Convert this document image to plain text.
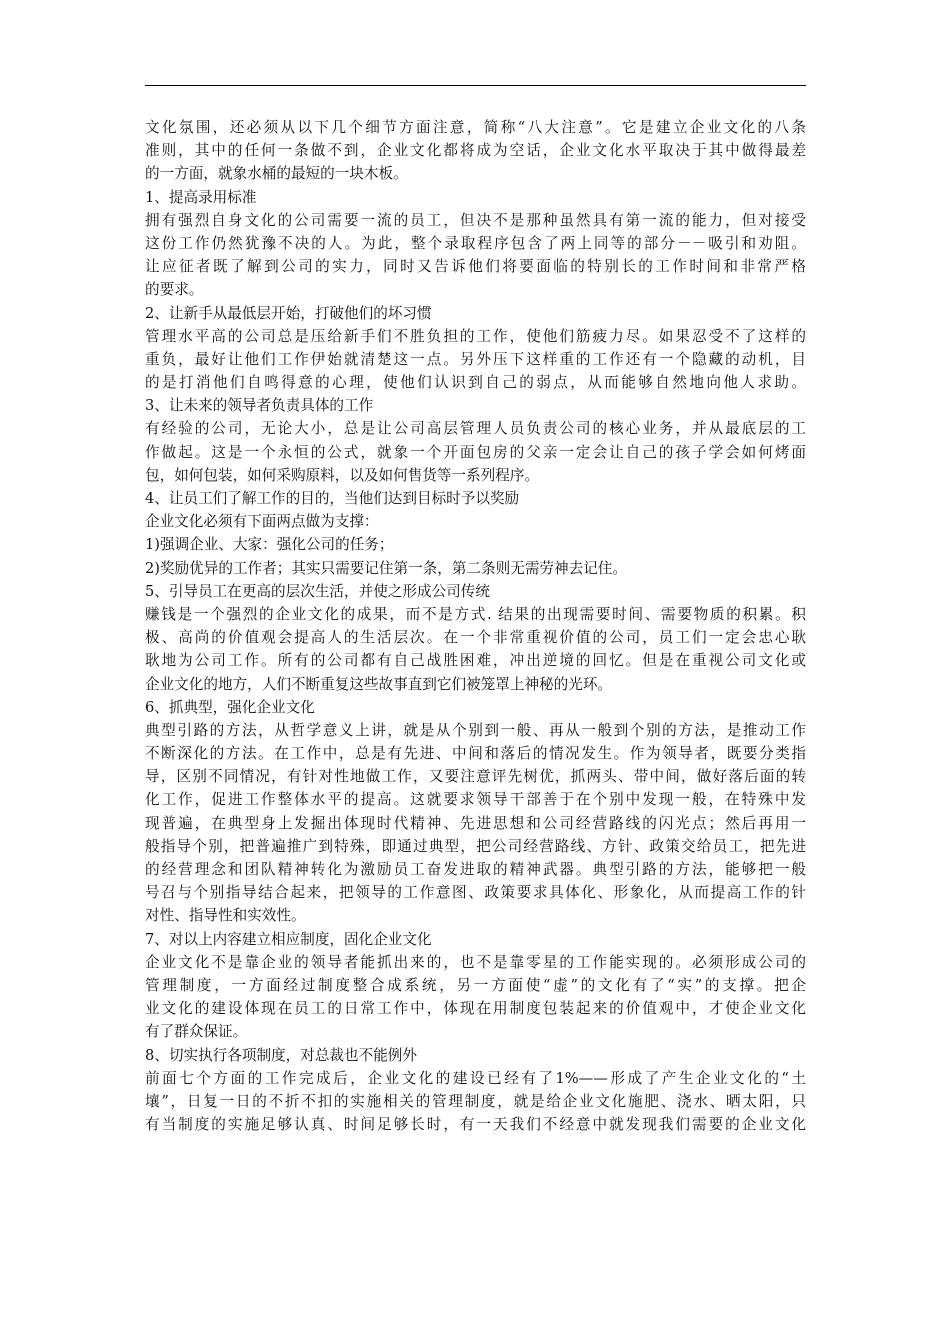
文化氛围，还必须从以下几个细节方面注意，简称“八大注意”。它是建立企业文化的八条
准则，其中的任何一条做不到，企业文化都将成为空话，企业文化水平取决于其中做得最差
的一方面，就象水桶的最短的一块木板。
1、提高录用标准
拥有强烈自身文化的公司需要一流的员工，但决不是那种虽然具有第一流的能力，但对接受
这份工作仍然犹豫不决的人。为此，整个录取程序包含了两上同等的部分－－吸引和劝阻。
让应征者既了解到公司的实力，同时又告诉他们将要面临的特别长的工作时间和非常严格
的要求。
2、让新手从最低层开始，打破他们的坏习惯
管理水平高的公司总是压给新手们不胜负担的工作，使他们筋疲力尽。如果忍受不了这样的
重负，最好让他们工作伊始就清楚这一点。另外压下这样重的工作还有一个隐藏的动机，目
的是打消他们自鸣得意的心理，使他们认识到自己的弱点，从而能够自然地向他人求助。
3、让未来的领导者负责具体的工作
有经验的公司，无论大小，总是让公司高层管理人员负责公司的核心业务，并从最底层的工
作做起。这是一个永恒的公式，就象一个开面包房的父亲一定会让自己的孩子学会如何烤面
包，如何包装，如何采购原料，以及如何售货等一系列程序。
4、让员工们了解工作的目的，当他们达到目标时予以奖励
企业文化必须有下面两点做为支撑：
1)强调企业、大家：强化公司的任务；
2)奖励优异的工作者；其实只需要记住第一条，第二条则无需劳神去记住。
5、引导员工在更高的层次生活，并使之形成公司传统
赚钱是一个强烈的企业文化的成果，而不是方式. 结果的出现需要时间、需要物质的积累。积
极、高尚的价值观会提高人的生活层次。在一个非常重视价值的公司，员工们一定会忠心耿
耿地为公司工作。所有的公司都有自己战胜困难，冲出逆境的回忆。但是在重视公司文化或
企业文化的地方，人们不断重复这些故事直到它们被笼罩上神秘的光环。
6、抓典型，强化企业文化
典型引路的方法，从哲学意义上讲，就是从个别到一般、再从一般到个别的方法，是推动工作
不断深化的方法。在工作中，总是有先进、中间和落后的情况发生。作为领导者，既要分类指
导，区别不同情况，有针对性地做工作，又要注意评先树优，抓两头、带中间，做好落后面的转
化工作，促进工作整体水平的提高。这就要求领导干部善于在个别中发现一般，在特殊中发
现普遍，在典型身上发掘出体现时代精神、先进思想和公司经营路线的闪光点；然后再用一
般指导个别，把普遍推广到特殊，即通过典型，把公司经营路线、方针、政策交给员工，把先进
的经营理念和团队精神转化为激励员工奋发进取的精神武器。典型引路的方法，能够把一般
号召与个别指导结合起来，把领导的工作意图、政策要求具体化、形象化，从而提高工作的针
对性、指导性和实效性。
7、对以上内容建立相应制度，固化企业文化
企业文化不是靠企业的领导者能抓出来的，也不是靠零星的工作能实现的。必须形成公司的
管理制度，一方面经过制度整合成系统，另一方面使“虚”的文化有了“实”的支撑。把企
业文化的建设体现在员工的日常工作中，体现在用制度包装起来的价值观中，才使企业文化
有了群众保证。
8、切实执行各项制度，对总裁也不能例外
前面七个方面的工作完成后，企业文化的建设已经有了1%——形成了产生企业文化的“土
壤”，日复一日的不折不扣的实施相关的管理制度，就是给企业文化施肥、浇水、晒太阳，只
有当制度的实施足够认真、时间足够长时，有一天我们不经意中就发现我们需要的企业文化
